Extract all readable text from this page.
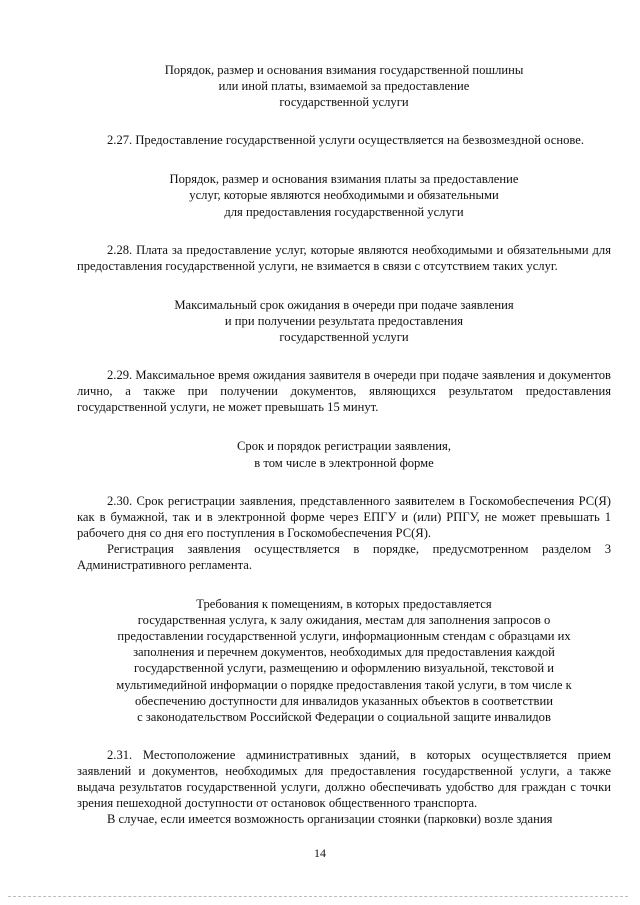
Порядок, размер и основания взимания государственной пошлины
или иной платы, взимаемой за предоставление
государственной услуги

2.27. Предоставление государственной услуги осуществляется на безвозмездной основе.

Порядок, размер и основания взимания платы за предоставление
услуг, которые являются необходимыми и обязательными
для предоставления государственной услуги

2.28. Плата за предоставление услуг, которые являются необходимыми и обязательными для предоставления государственной услуги, не взимается в связи с отсутствием таких услуг.

Максимальный срок ожидания в очереди при подаче заявления
и при получении результата предоставления
государственной услуги

2.29. Максимальное время ожидания заявителя в очереди при подаче заявления и документов лично, а также при получении документов, являющихся результатом предоставления государственной услуги, не может превышать 15 минут.

Срок и порядок регистрации заявления,
в том числе в электронной форме

2.30. Срок регистрации заявления, представленного заявителем в Госкомобеспечения РС(Я) как в бумажной, так и в электронной форме через ЕПГУ и (или) РПГУ, не может превышать 1 рабочего дня со дня его поступления в Госкомобеспечения РС(Я).

Регистрация заявления осуществляется в порядке, предусмотренном разделом 3 Административного регламента.

Требования к помещениям, в которых предоставляется
государственная услуга, к залу ожидания, местам для заполнения запросов о
предоставлении государственной услуги, информационным стендам с образцами их
заполнения и перечнем документов, необходимых для предоставления каждой
государственной услуги, размещению и оформлению визуальной, текстовой и
мультимедийной информации о порядке предоставления такой услуги, в том числе к
обеспечению доступности для инвалидов указанных объектов в соответствии
с законодательством Российской Федерации о социальной защите инвалидов

2.31. Местоположение административных зданий, в которых осуществляется прием заявлений и документов, необходимых для предоставления государственной услуги, а также выдача результатов государственной услуги, должно обеспечивать удобство для граждан с точки зрения пешеходной доступности от остановок общественного транспорта.

В случае, если имеется возможность организации стоянки (парковки) возле здания

14
